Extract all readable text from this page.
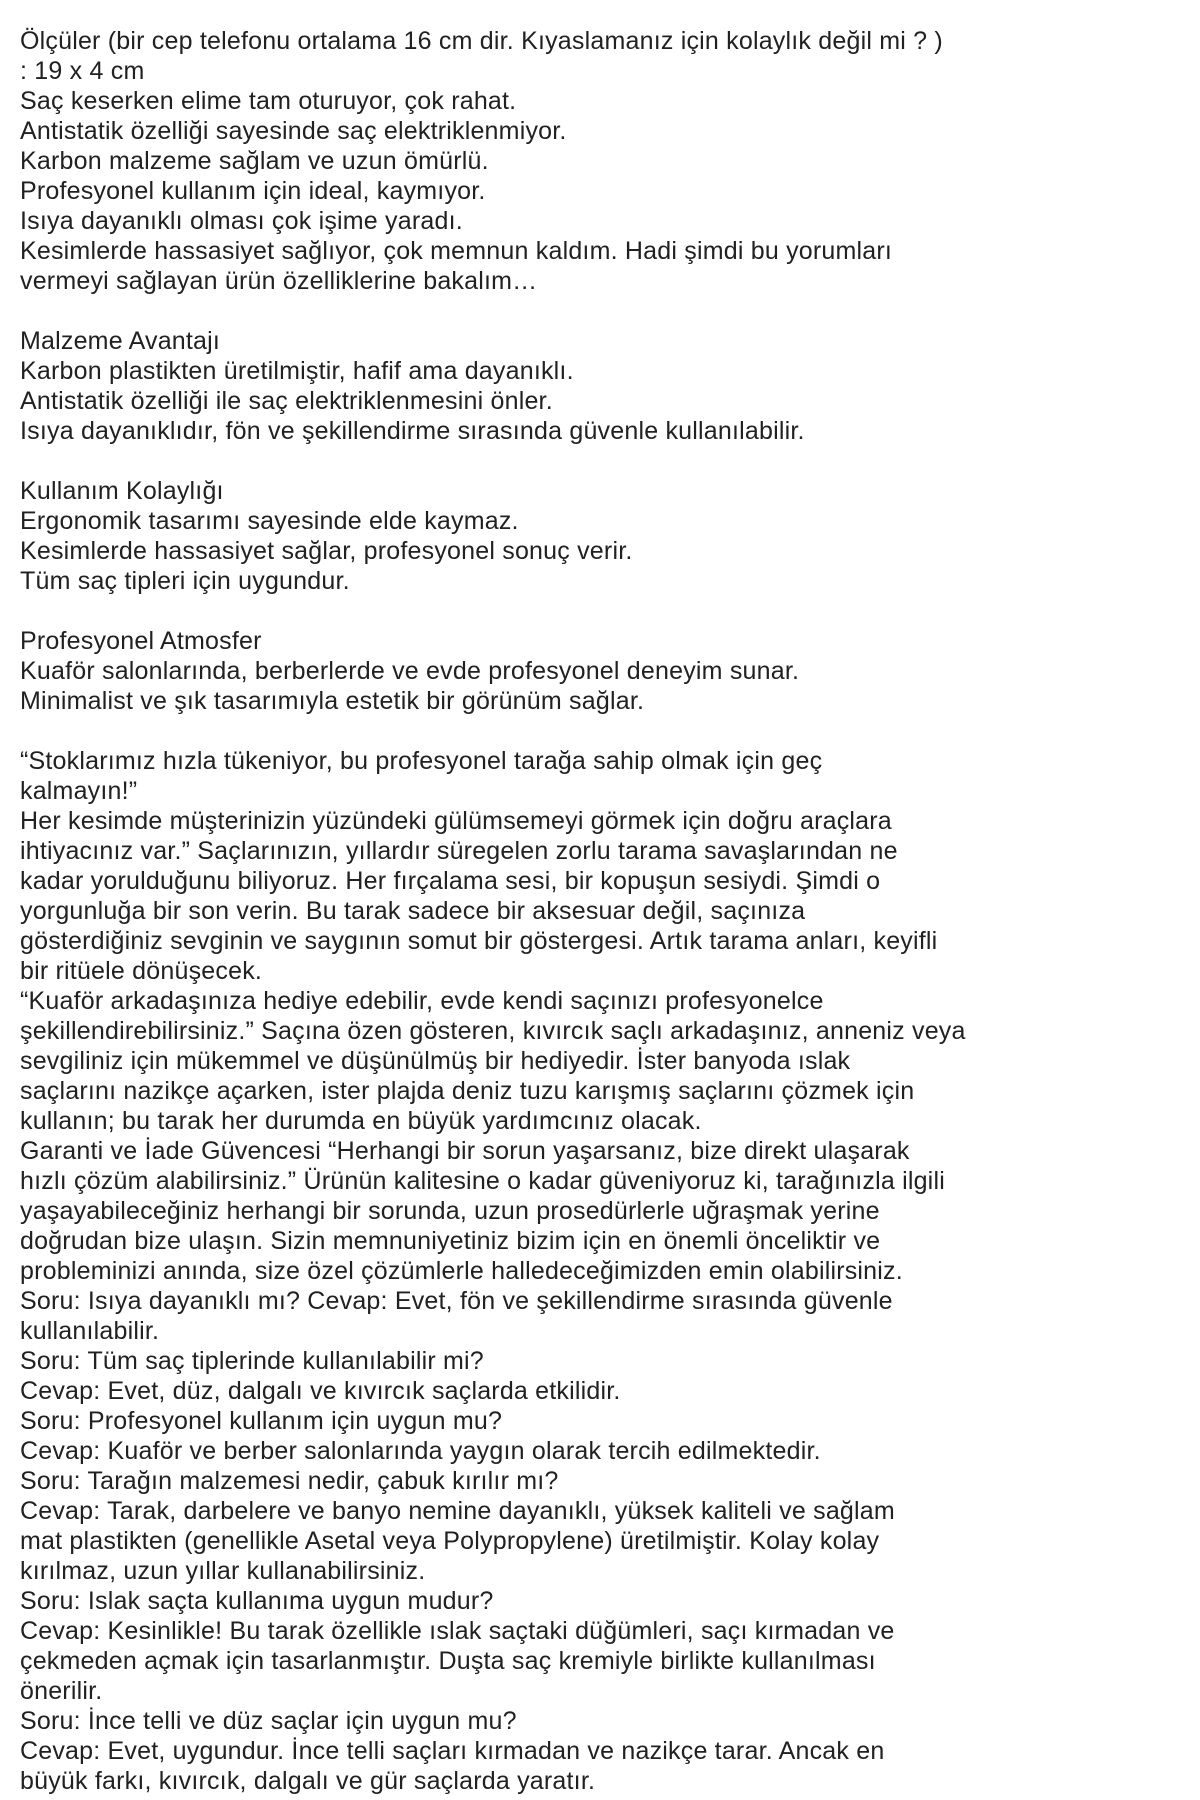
Ölçüler (bir cep telefonu ortalama 16 cm dir. Kıyaslamanız için kolaylık değil mi ? )
: 19 x 4 cm
Saç keserken elime tam oturuyor, çok rahat.
Antistatik özelliği sayesinde saç elektriklenmiyor.
Karbon malzeme sağlam ve uzun ömürlü.
Profesyonel kullanım için ideal, kaymıyor.
Isıya dayanıklı olması çok işime yaradı.
Kesimlerde hassasiyet sağlıyor, çok memnun kaldım. Hadi şimdi bu yorumları
vermeyi sağlayan ürün özelliklerine bakalım…
Malzeme Avantajı
Karbon plastikten üretilmiştir, hafif ama dayanıklı.
Antistatik özelliği ile saç elektriklenmesini önler.
Isıya dayanıklıdır, fön ve şekillendirme sırasında güvenle kullanılabilir.
Kullanım Kolaylığı
Ergonomik tasarımı sayesinde elde kaymaz.
Kesimlerde hassasiyet sağlar, profesyonel sonuç verir.
Tüm saç tipleri için uygundur.
Profesyonel Atmosfer
Kuaför salonlarında, berberlerde ve evde profesyonel deneyim sunar.
Minimalist ve şık tasarımıyla estetik bir görünüm sağlar.
“Stoklarımız hızla tükeniyor, bu profesyonel tarağa sahip olmak için geç
kalmayın!”
Her kesimde müşterinizin yüzündeki gülümsemeyi görmek için doğru araçlara
ihtiyacınız var.” Saçlarınızın, yıllardır süregelen zorlu tarama savaşlarından ne
kadar yorulduğunu biliyoruz. Her fırçalama sesi, bir kopuşun sesiydi. Şimdi o
yorgunluğa bir son verin. Bu tarak sadece bir aksesuar değil, saçınıza
gösterdiğiniz sevginin ve saygının somut bir göstergesi. Artık tarama anları, keyifli
bir ritüele dönüşecek.
“Kuaför arkadaşınıza hediye edebilir, evde kendi saçınızı profesyonelce
şekillendirebilirsiniz.” Saçına özen gösteren, kıvırcık saçlı arkadaşınız, anneniz veya
sevgiliniz için mükemmel ve düşünülmüş bir hediyedir. İster banyoda ıslak
saçlarını nazikçe açarken, ister plajda deniz tuzu karışmış saçlarını çözmek için
kullanın; bu tarak her durumda en büyük yardımcınız olacak.
Garanti ve İade Güvencesi “Herhangi bir sorun yaşarsanız, bize direkt ulaşarak
hızlı çözüm alabilirsiniz.” Ürünün kalitesine o kadar güveniyoruz ki, tarağınızla ilgili
yaşayabileceğiniz herhangi bir sorunda, uzun prosedürlerle uğraşmak yerine
doğrudan bize ulaşın. Sizin memnuniyetiniz bizim için en önemli önceliktir ve
probleminizi anında, size özel çözümlerle halledeceğimizden emin olabilirsiniz.
Soru: Isıya dayanıklı mı? Cevap: Evet, fön ve şekillendirme sırasında güvenle
kullanılabilir.
Soru: Tüm saç tiplerinde kullanılabilir mi?
Cevap: Evet, düz, dalgalı ve kıvırcık saçlarda etkilidir.
Soru: Profesyonel kullanım için uygun mu?
Cevap: Kuaför ve berber salonlarında yaygın olarak tercih edilmektedir.
Soru: Tarağın malzemesi nedir, çabuk kırılır mı?
Cevap: Tarak, darbelere ve banyo nemine dayanıklı, yüksek kaliteli ve sağlam
mat plastikten (genellikle Asetal veya Polypropylene) üretilmiştir. Kolay kolay
kırılmaz, uzun yıllar kullanabilirsiniz.
Soru: Islak saçta kullanıma uygun mudur?
Cevap: Kesinlikle! Bu tarak özellikle ıslak saçtaki düğümleri, saçı kırmadan ve
çekmeden açmak için tasarlanmıştır. Duşta saç kremiyle birlikte kullanılması
önerilir.
Soru: İnce telli ve düz saçlar için uygun mu?
Cevap: Evet, uygundur. İnce telli saçları kırmadan ve nazikçe tarar. Ancak en
büyük farkı, kıvırcık, dalgalı ve gür saçlarda yaratır.
